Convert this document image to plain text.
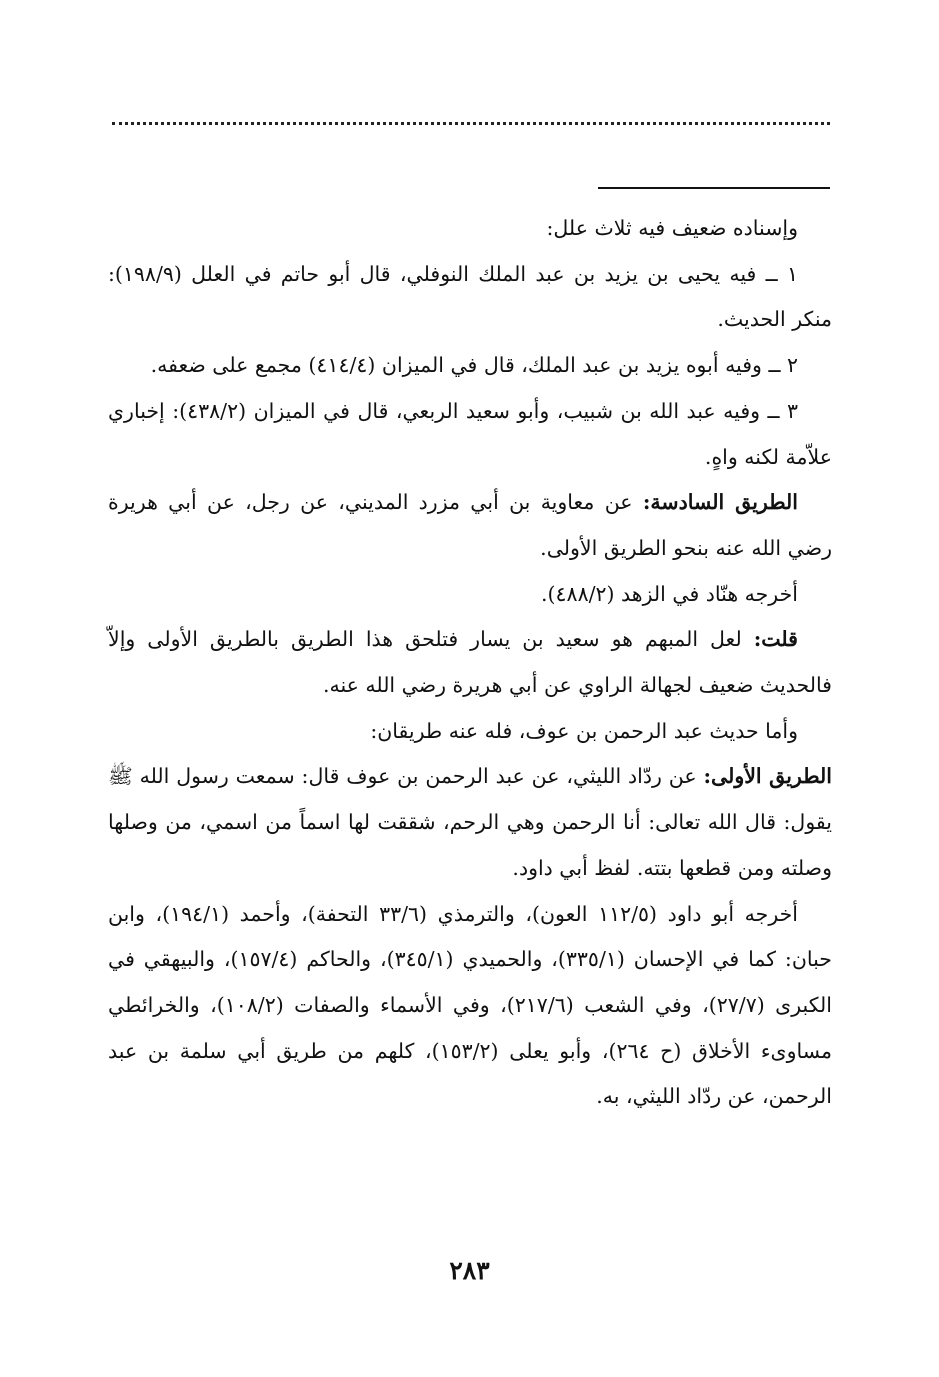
وإسناده ضعيف فيه ثلاث علل:

١ ــ فيه يحيى بن يزيد بن عبد الملك النوفلي، قال أبو حاتم في العلل (١٩٨/٩): منكر الحديث.

٢ ــ وفيه أبوه يزيد بن عبد الملك، قال في الميزان (٤١٤/٤) مجمع على ضعفه.

٣ ــ وفيه عبد الله بن شبيب، وأبو سعيد الربعي، قال في الميزان (٤٣٨/٢): إخباري علاّمة لكنه واهٍ.

الطريق السادسة: عن معاوية بن أبي مزرد المديني، عن رجل، عن أبي هريرة رضي الله عنه بنحو الطريق الأولى.

أخرجه هنّاد في الزهد (٤٨٨/٢).

قلت: لعل المبهم هو سعيد بن يسار فتلحق هذا الطريق بالطريق الأولى وإلاّ فالحديث ضعيف لجهالة الراوي عن أبي هريرة رضي الله عنه.

وأما حديث عبد الرحمن بن عوف، فله عنه طريقان:

الطريق الأولى: عن ردّاد الليثي، عن عبد الرحمن بن عوف قال: سمعت رسول الله ﷺ يقول: قال الله تعالى: أنا الرحمن وهي الرحم، شققت لها اسماً من اسمي، من وصلها وصلته ومن قطعها بتته. لفظ أبي داود.

أخرجه أبو داود (١١٢/٥ العون)، والترمذي (٣٣/٦ التحفة)، وأحمد (١٩٤/١)، وابن حبان: كما في الإحسان (٣٣٥/١)، والحميدي (٣٤٥/١)، والحاكم (١٥٧/٤)، والبيهقي في الكبرى (٢٧/٧)، وفي الشعب (٢١٧/٦)، وفي الأسماء والصفات (١٠٨/٢)، والخرائطي مساوىء الأخلاق (ح ٢٦٤)، وأبو يعلى (١٥٣/٢)، كلهم من طريق أبي سلمة بن عبد الرحمن، عن ردّاد الليثي، به.

٢٨٣
